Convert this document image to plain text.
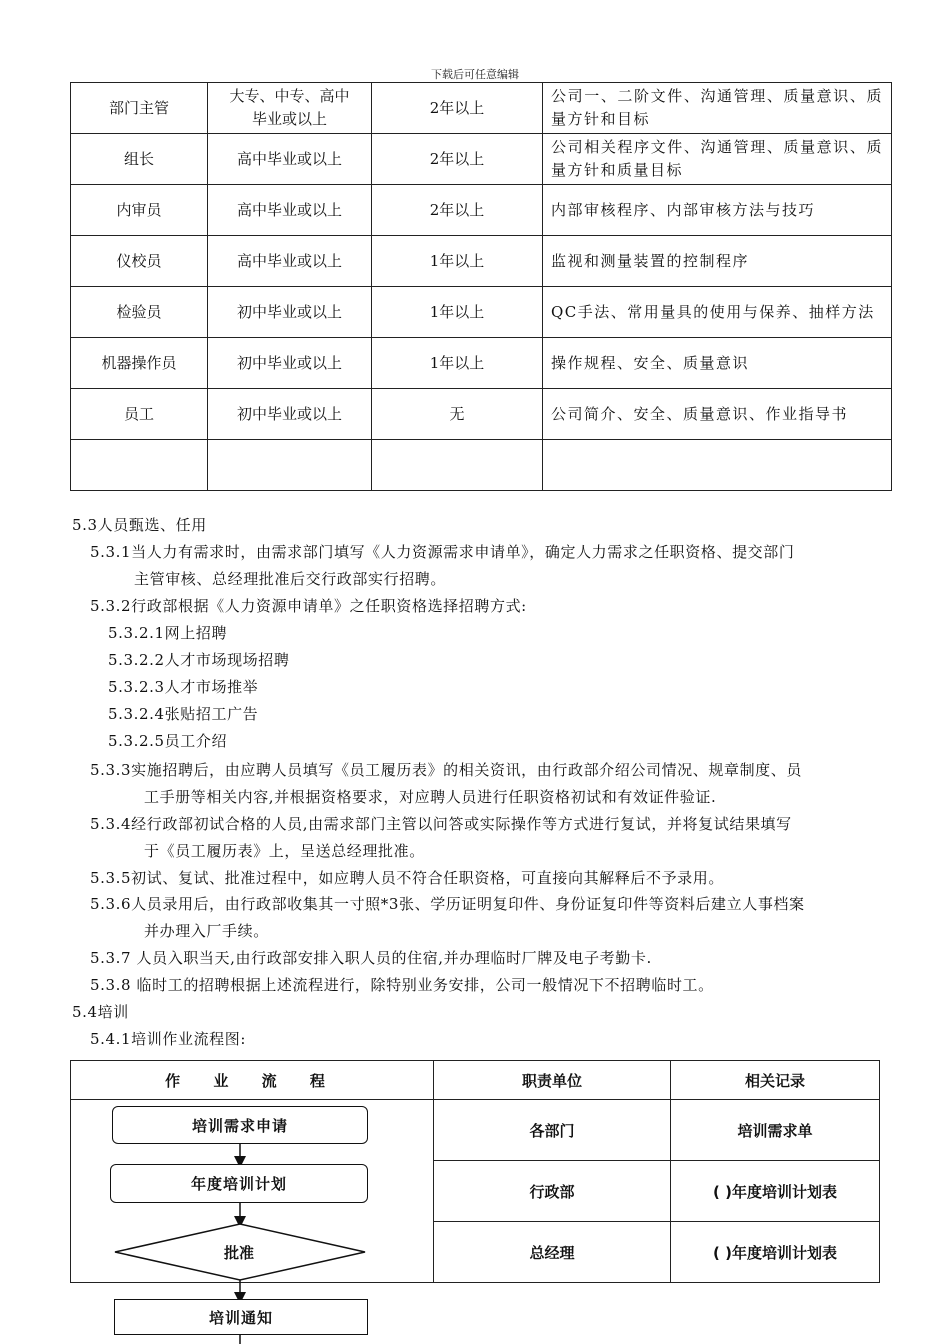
下载后可任意编辑
部门主管	大专、中专、高中毕业或以上	2年以上	公司一、二阶文件、沟通管理、质量意识、质量方针和目标
组长	高中毕业或以上	2年以上	公司相关程序文件、沟通管理、质量意识、质量方针和质量目标
内审员	高中毕业或以上	2年以上	内部审核程序、内部审核方法与技巧
仪校员	高中毕业或以上	1年以上	监视和测量装置的控制程序
检验员	初中毕业或以上	1年以上	QC手法、常用量具的使用与保养、抽样方法
机器操作员	初中毕业或以上	1年以上	操作规程、安全、质量意识
员工	初中毕业或以上	无	公司简介、安全、质量意识、作业指导书

5.3人员甄选、任用
5.3.1当人力有需求时，由需求部门填写《人力资源需求申请单》，确定人力需求之任职资格、提交部门
主管审核、总经理批准后交行政部实行招聘。
5.3.2行政部根据《人力资源申请单》之任职资格选择招聘方式:
5.3.2.1网上招聘
5.3.2.2人才市场现场招聘
5.3.2.3人才市场推举
5.3.2.4张贴招工广告
5.3.2.5员工介绍
5.3.3实施招聘后，由应聘人员填写《员工履历表》的相关资讯，由行政部介绍公司情况、规章制度、员
工手册等相关内容,并根据资格要求，对应聘人员进行任职资格初试和有效证件验证.
5.3.4经行政部初试合格的人员,由需求部门主管以问答或实际操作等方式进行复试，并将复试结果填写
于《员工履历表》上，呈送总经理批准。
5.3.5初试、复试、批准过程中，如应聘人员不符合任职资格，可直接向其解释后不予录用。
5.3.6人员录用后，由行政部收集其一寸照*3张、学历证明复印件、身份证复印件等资料后建立人事档案
并办理入厂手续。
5.3.7 人员入职当天,由行政部安排入职人员的住宿,并办理临时厂牌及电子考勤卡.
5.3.8 临时工的招聘根据上述流程进行，除特别业务安排，公司一般情况下不招聘临时工。
5.4培训
5.4.1培训作业流程图:
作 业 流 程	职责单位	相关记录
	各部门	培训需求单
	行政部	( )年度培训计划表
	总经理	( )年度培训计划表
培训需求申请
年度培训计划
批准
培训通知
